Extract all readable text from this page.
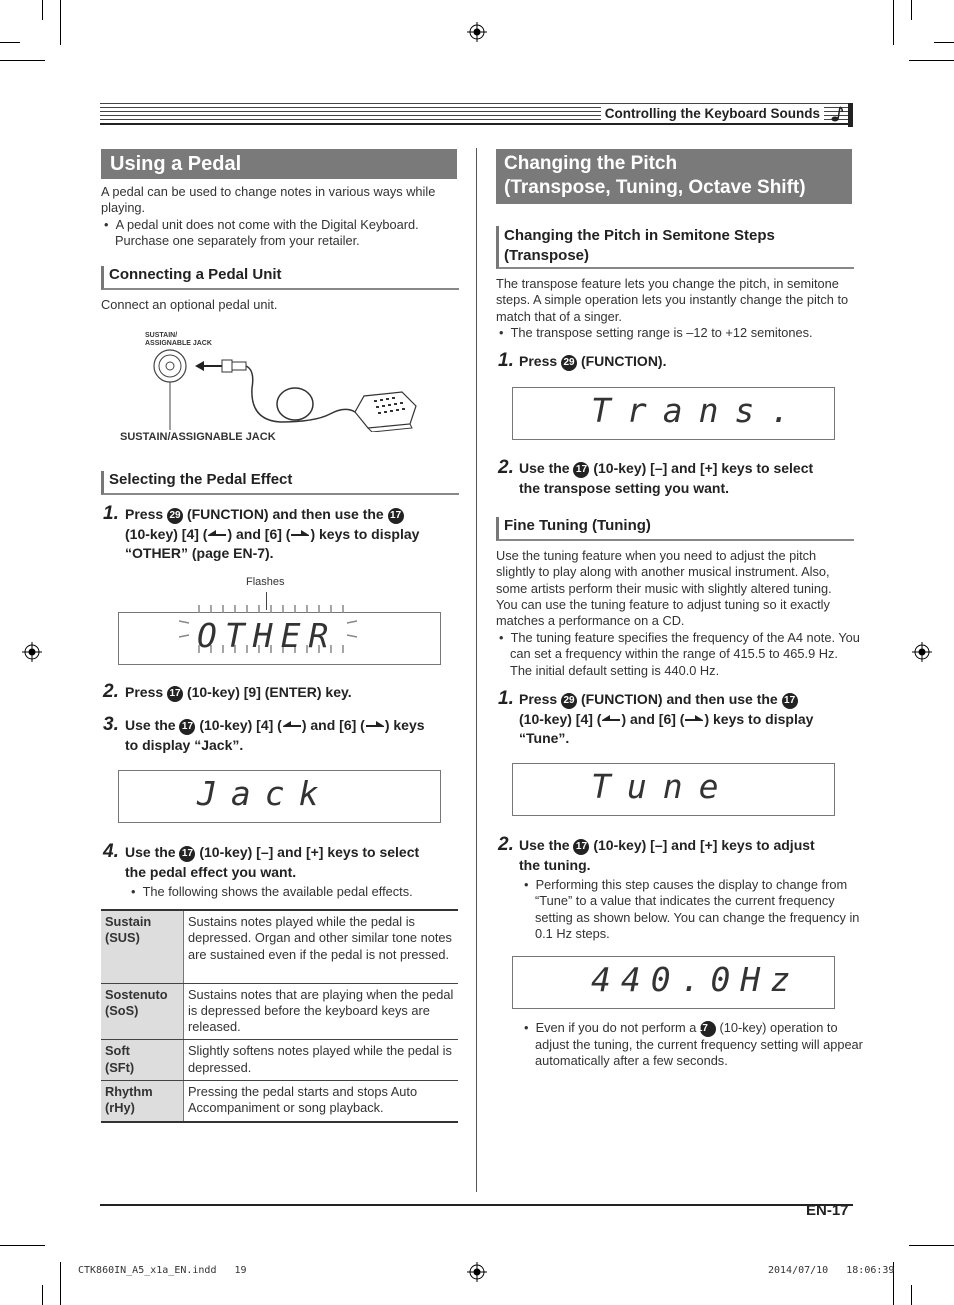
Controlling the Keyboard Sounds
Using a Pedal
A pedal can be used to change notes in various ways while playing.
•  A pedal unit does not come with the Digital Keyboard. Purchase one separately from your retailer.
Connecting a Pedal Unit
Connect an optional pedal unit.
SUSTAIN/
ASSIGNABLE JACK
SUSTAIN/ASSIGNABLE JACK
Selecting the Pedal Effect
1. Press 29 (FUNCTION) and then use the 17
(10-key) [4] ( ) and [6] ( ) keys to display
“OTHER” (page EN-7).
Flashes
OTHER
2. Press 17 (10-key) [9] (ENTER) key.
3. Use the 17 (10-key) [4] ( ) and [6] ( ) keys
to display “Jack”.
Jack
4. Use the 17 (10-key) [–] and [+] keys to select
the pedal effect you want.
•  The following shows the available pedal effects.
Sustain
(SUS)	Sustains notes played while the pedal is depressed. Organ and other similar tone notes are sustained even if the pedal is not pressed.

Sostenuto
(SoS)	Sustains notes that are playing when the pedal is depressed before the keyboard keys are released.

Soft
(SFt)	Slightly softens notes played while the pedal is depressed.

Rhythm
(rHy)	Pressing the pedal starts and stops Auto Accompaniment or song playback.
Changing the Pitch
(Transpose, Tuning, Octave Shift)
Changing the Pitch in Semitone Steps
(Transpose)
The transpose feature lets you change the pitch, in semitone steps. A simple operation lets you instantly change the pitch to match that of a singer.
•  The transpose setting range is –12 to +12 semitones.
1. Press 29 (FUNCTION).
Trans.
2. Use the 17 (10-key) [–] and [+] keys to select
the transpose setting you want.
Fine Tuning (Tuning)
Use the tuning feature when you need to adjust the pitch slightly to play along with another musical instrument. Also, some artists perform their music with slightly altered tuning. You can use the tuning feature to adjust tuning so it exactly matches a performance on a CD.
•  The tuning feature specifies the frequency of the A4 note. You can set a frequency within the range of 415.5 to 465.9 Hz. The initial default setting is 440.0 Hz.
1. Press 29 (FUNCTION) and then use the 17
(10-key) [4] ( ) and [6] ( ) keys to display
“Tune”.
Tune
2. Use the 17 (10-key) [–] and [+] keys to adjust
the tuning.
•  Performing this step causes the display to change from “Tune” to a value that indicates the current frequency setting as shown below. You can change the frequency in 0.1 Hz steps.
440.0Hz
•  Even if you do not perform a 17 (10-key) operation to adjust the tuning, the current frequency setting will appear automatically after a few seconds.
EN-17
CTK860IN_A5_x1a_EN.indd   19	2014/07/10   18:06:39
